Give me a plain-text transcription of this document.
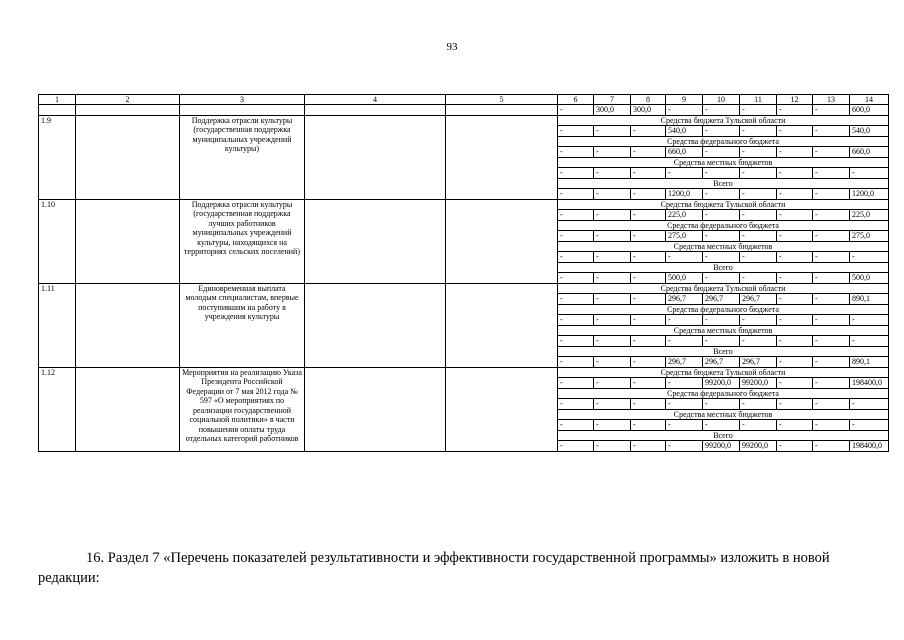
93
1	2	3	4	5	6	7	8	9	10	11	12	13	14
					-	300,0	300,0	-	-	-	-	-	600,0
1.9		Поддержка отрасли культуры (государственная поддержка муниципальных учреждений культуры)			Средства бюджета Тульской области								
					-	-	-	540,0	-	-	-	-	540,0
					Средства федерального бюджета								
					-	-	-	660,0	-	-	-	-	660,0
					Средства местных бюджетов								
					-	-	-	-	-	-	-	-	-
					Всего								
					-	-	-	1200,0	-	-	-	-	1200,0
1.10		Поддержка отрасли культуры (государственная поддержка лучших работников муниципальных учреждений культуры, находящихся на территориях сельских поселений)			Средства бюджета Тульской области								
					-	-	-	225,0	-	-	-	-	225,0
					Средства федерального бюджета								
					-	-	-	275,0	-	-	-	-	275,0
					Средства местных бюджетов								
					-	-	-	-	-	-	-	-	-
					Всего								
					-	-	-	500,0	-	-	-	-	500,0
1.11		Единовременная выплата молодым специалистам, впервые поступившим на работу в учреждения культуры			Средства бюджета Тульской области								
					-	-	-	296,7	296,7	296,7	-	-	890,1
					Средства федерального бюджета								
					-	-	-	-	-	-	-	-	-
					Средства местных бюджетов								
					-	-	-	-	-	-	-	-	-
					Всего								
					-	-	-	296,7	296,7	296,7	-	-	890,1
1.12		Мероприятия на реализацию Указа Президента Российской Федерации от 7 мая 2012 года № 597 «О мероприятиях по реализации государственной социальной политики» в части повышения оплаты труда отдельных категорий работников			Средства бюджета Тульской области								
					-	-	-	-	99200,0	99200,0	-	-	198400,0
					Средства федерального бюджета								
					-	-	-	-	-	-	-	-	-
					Средства местных бюджетов								
					-	-	-	-	-	-	-	-	-
					Всего								
					-	-	-	-	99200,0	99200,0	-	-	198400,0
16. Раздел 7 «Перечень показателей результативности и эффективности государственной программы» изложить в новой редакции:
